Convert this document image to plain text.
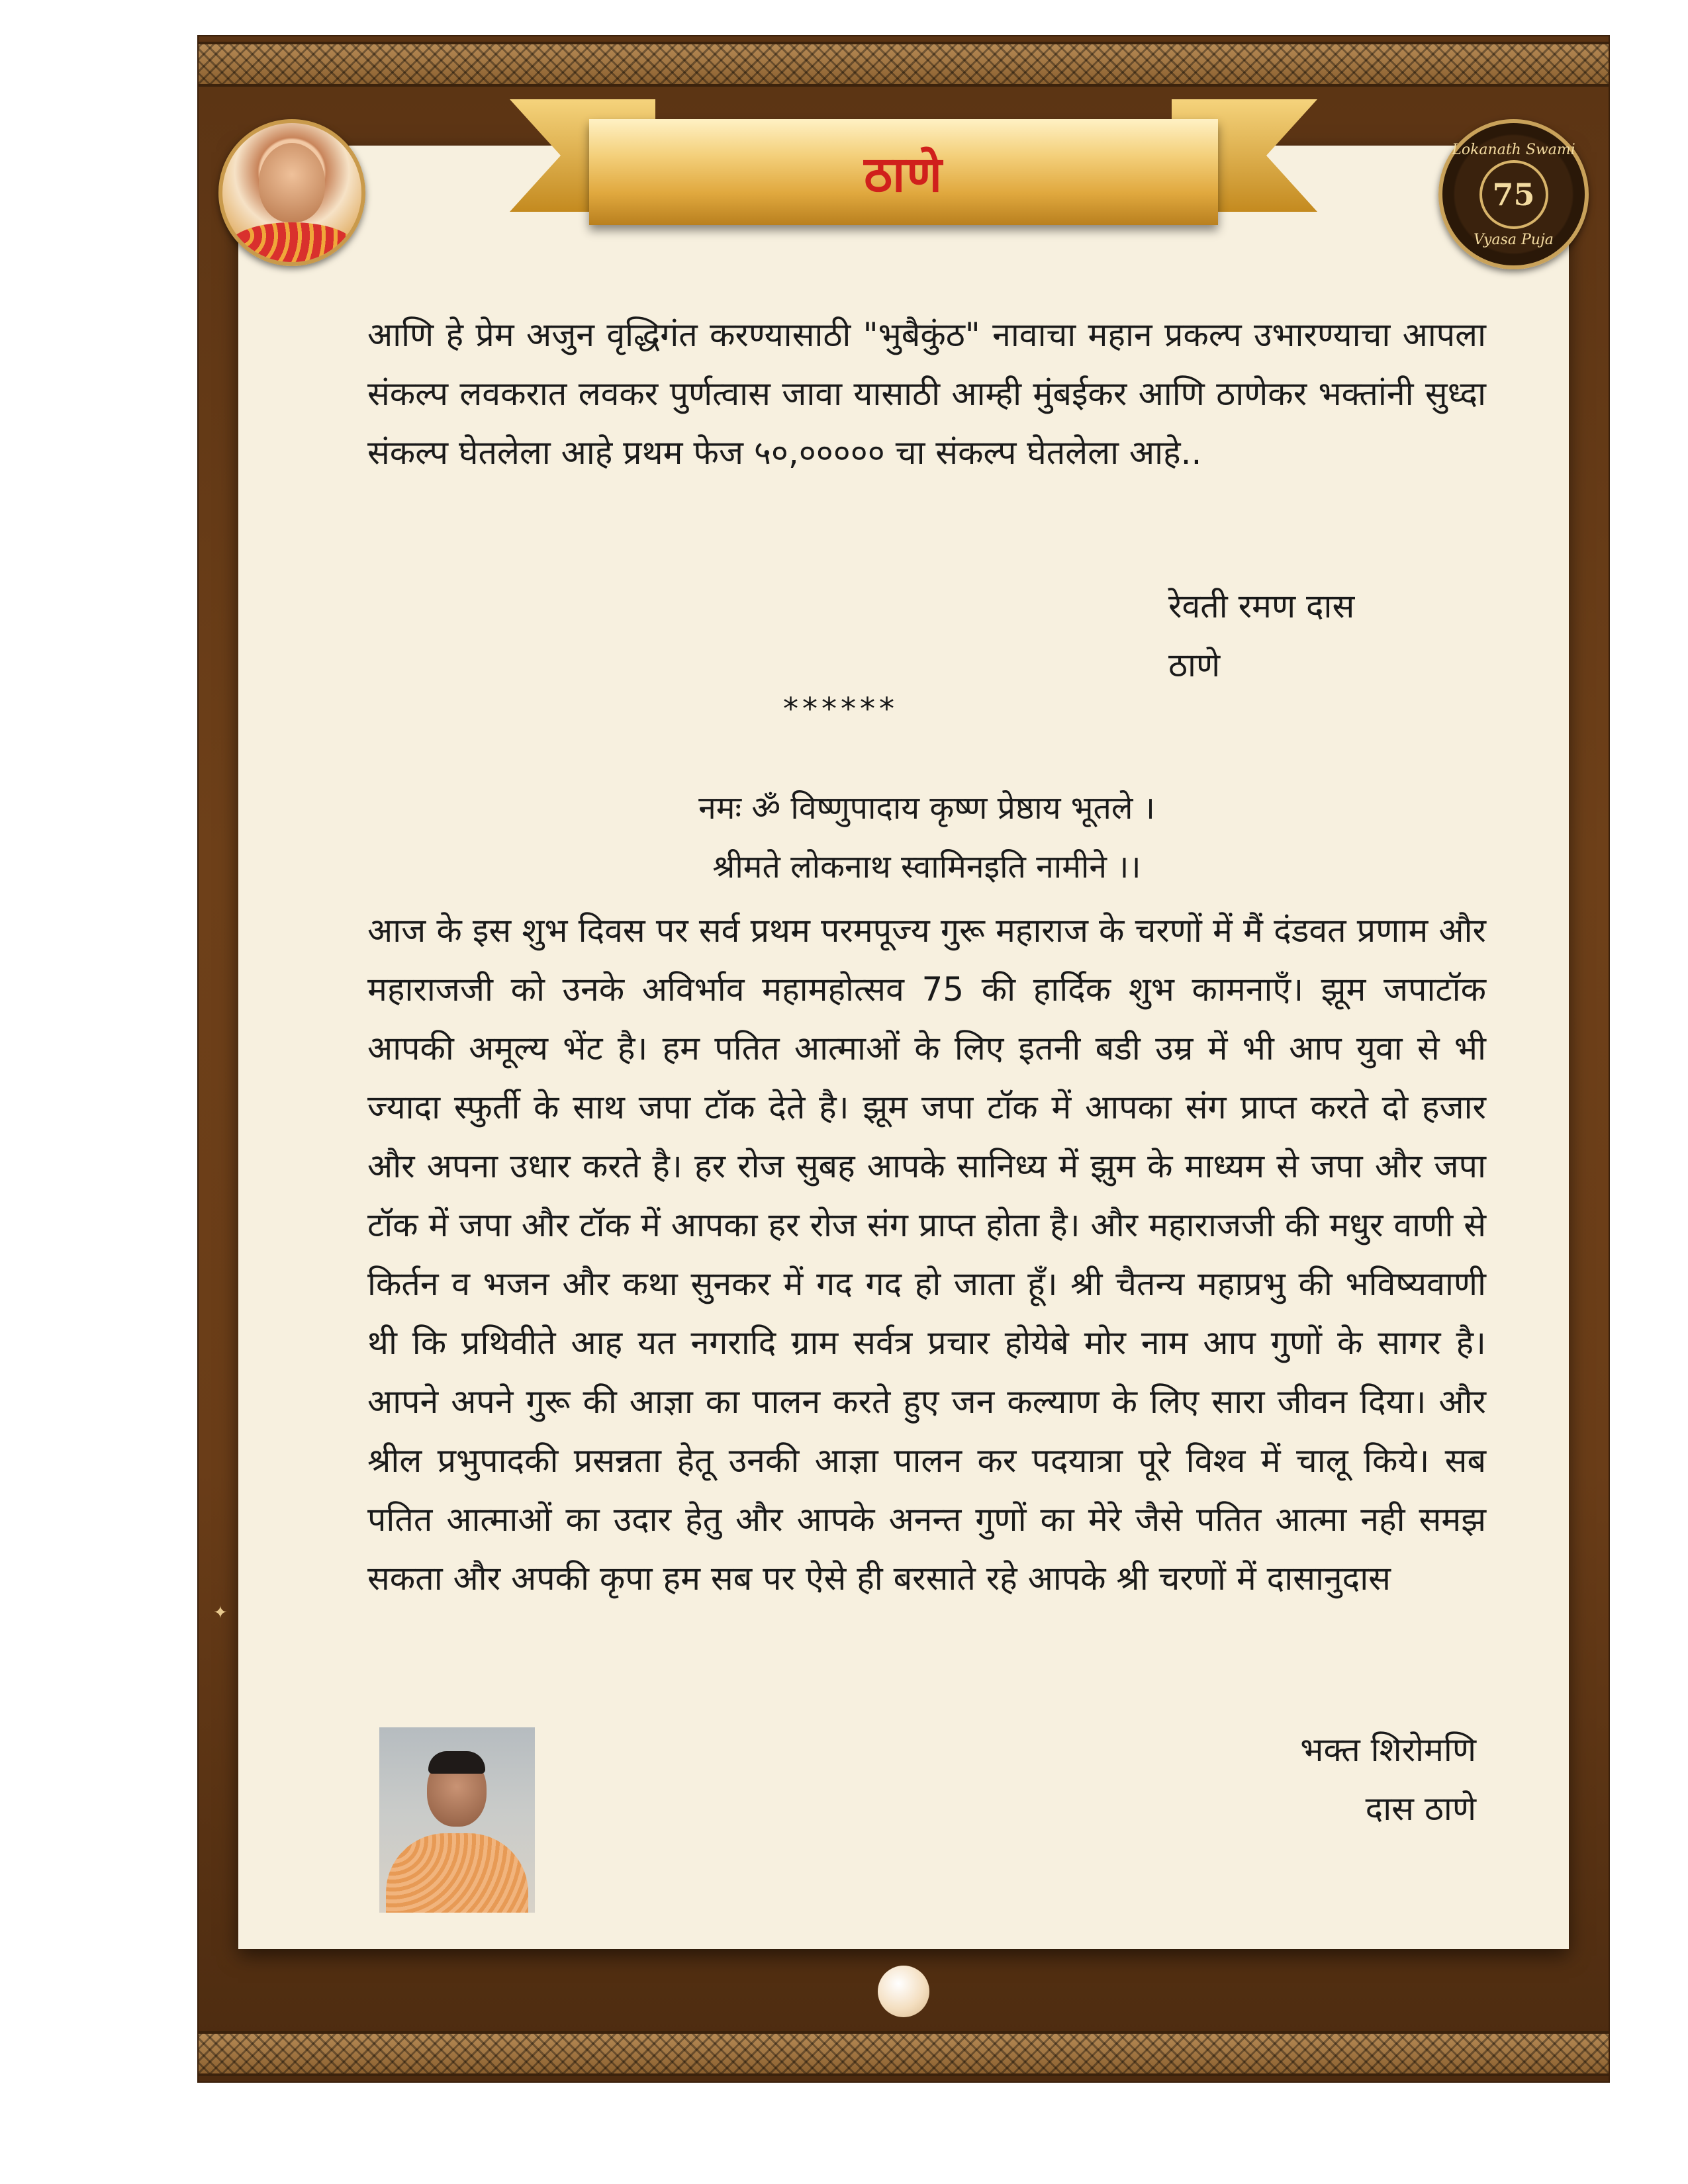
ठाणे	Lokanath Swami
75
Vyasa Puja
✦

आणि हे प्रेम अजुन वृद्धिगंत करण्यासाठी "भुबैकुंठ" नावाचा महान प्रकल्प उभारण्याचा आपला संकल्प लवकरात लवकर पुर्णत्वास जावा यासाठी आम्ही मुंबईकर आणि ठाणेकर भक्तांनी सुध्दा संकल्प घेतलेला आहे प्रथम फेज ५०,००००० चा संकल्प घेतलेला आहे..

रेवती रमण दास
ठाणे
******
नमः ॐ विष्णुपादाय कृष्ण प्रेष्ठाय भूतले ।
श्रीमते लोकनाथ स्वामिनइति नामीने ।।

आज के इस शुभ दिवस पर सर्व प्रथम परमपूज्य गुरू महाराज के चरणों में मैं दंडवत प्रणाम और महाराजजी को उनके अविर्भाव महामहोत्सव 75 की हार्दिक शुभ कामनाएँ। झूम जपाटॉक आपकी अमूल्य भेंट है। हम पतित आत्माओं के लिए इतनी बडी उम्र में भी आप युवा से भी ज्यादा स्फुर्ती के साथ जपा टॉक देते है। झूम जपा टॉक में आपका संग प्राप्त करते दो हजार और अपना उधार करते है। हर रोज सुबह आपके सानिध्य में झुम के माध्यम से जपा और जपा टॉक में जपा और टॉक में आपका हर रोज संग प्राप्त होता है। और महाराजजी की मधुर वाणी से किर्तन व भजन और कथा सुनकर में गद गद हो जाता हूँ। श्री चैतन्य महाप्रभु की भविष्यवाणी थी कि प्रथिवीते आह यत नगरादि ग्राम सर्वत्र प्रचार होयेबे मोर नाम आप गुणों के सागर है। आपने अपने गुरू की आज्ञा का पालन करते हुए जन कल्याण के लिए सारा जीवन दिया। और श्रील प्रभुपादकी प्रसन्नता हेतू उनकी आज्ञा पालन कर पदयात्रा पूरे विश्व में चालू किये। सब पतित आत्माओं का उदार हेतु और आपके अनन्त गुणों का मेरे जैसे पतित आत्मा नही समझ सकता और अपकी कृपा हम सब पर ऐसे ही बरसाते रहे आपके श्री चरणों में दासानुदास

भक्त शिरोमणि
दास ठाणे
